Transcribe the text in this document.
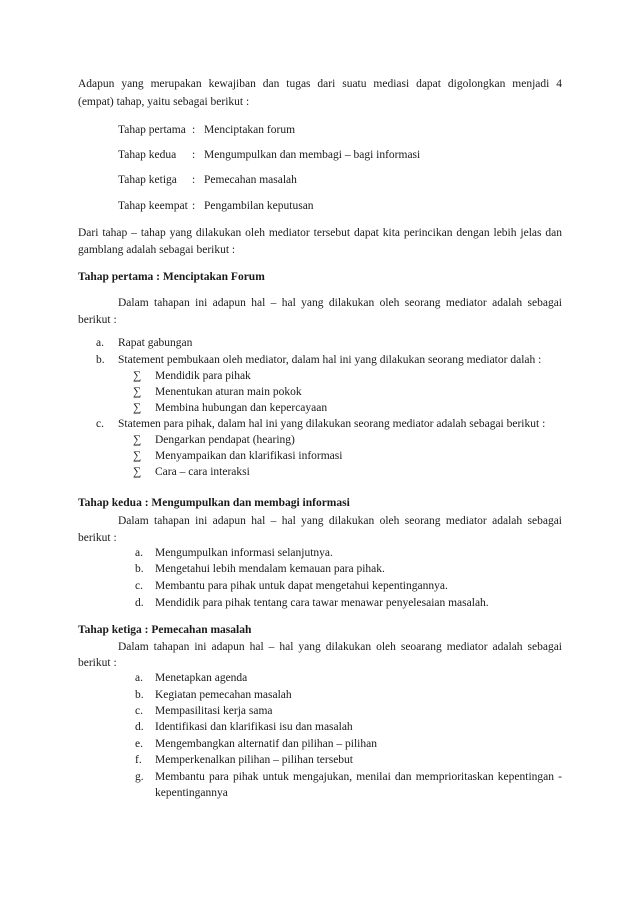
Adapun yang merupakan kewajiban dan tugas dari suatu mediasi dapat digolongkan menjadi 4
(empat) tahap, yaitu sebagai berikut :
Tahap pertama : Menciptakan forum
Tahap kedua : Mengumpulkan dan membagi – bagi informasi
Tahap ketiga : Pemecahan masalah
Tahap keempat : Pengambilan keputusan
Dari tahap – tahap yang dilakukan oleh mediator tersebut dapat kita perincikan dengan lebih jelas dan
gamblang adalah sebagai berikut :
Tahap pertama : Menciptakan Forum
Dalam tahapan ini adapun hal – hal yang dilakukan oleh seorang mediator adalah sebagai
berikut :
a. Rapat gabungan
b. Statement pembukaan oleh mediator, dalam hal ini yang dilakukan seorang mediator dalah :
∑ Mendidik para pihak
∑ Menentukan aturan main pokok
∑ Membina hubungan dan kepercayaan
c. Statemen para pihak, dalam hal ini yang dilakukan seorang mediator adalah sebagai berikut :
∑ Dengarkan pendapat (hearing)
∑ Menyampaikan dan klarifikasi informasi
∑ Cara – cara interaksi
Tahap kedua : Mengumpulkan dan membagi informasi
Dalam tahapan ini adapun hal – hal yang dilakukan oleh seorang mediator adalah sebagai
berikut :
a. Mengumpulkan informasi selanjutnya.
b. Mengetahui lebih mendalam kemauan para pihak.
c. Membantu para pihak untuk dapat mengetahui kepentingannya.
d. Mendidik para pihak tentang cara tawar menawar penyelesaian masalah.
Tahap ketiga : Pemecahan masalah
Dalam tahapan ini adapun hal – hal yang dilakukan oleh seoarang mediator adalah sebagai
berikut :
a. Menetapkan agenda
b. Kegiatan pemecahan masalah
c. Mempasilitasi kerja sama
d. Identifikasi dan klarifikasi isu dan masalah
e. Mengembangkan alternatif dan pilihan – pilihan
f. Memperkenalkan pilihan – pilihan tersebut
g. Membantu para pihak untuk mengajukan, menilai dan memprioritaskan kepentingan -
kepentingannya
